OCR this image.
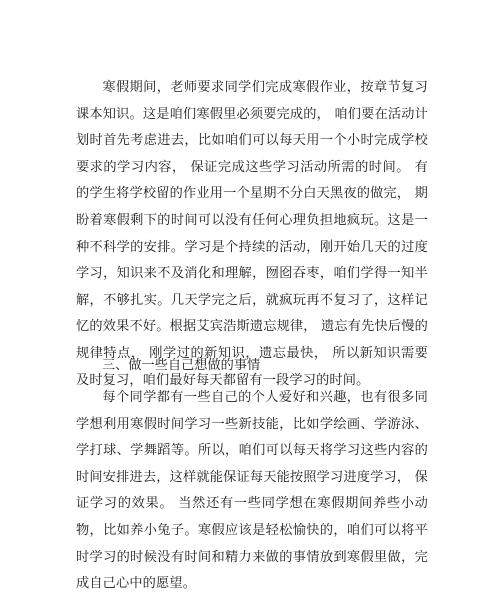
寒假期间，老师要求同学们完成寒假作业，按章节复习课本知识。这是咱们寒假里必须要完成的， 咱们要在活动计划时首先考虑进去，比如咱们可以每天用一个小时完成学校要求的学习内容， 保证完成这些学习活动所需的时间。 有的学生将学校留的作业用一个星期不分白天黑夜的做完， 期盼着寒假剩下的时间可以没有任何心理负担地疯玩。这是一种不科学的安排。学习是个持续的活动，刚开始几天的过度学习，知识来不及消化和理解，囫囵吞枣，咱们学得一知半解，不够扎实。几天学完之后，就疯玩再不复习了，这样记忆的效果不好。根据艾宾浩斯遗忘规律， 遗忘有先快后慢的规律特点， 刚学过的新知识，遗忘最快， 所以新知识需要及时复习，咱们最好每天都留有一段学习的时间。

三、做一些自己想做的事情

每个同学都有一些自己的个人爱好和兴趣，也有很多同学想利用寒假时间学习一些新技能，比如学绘画、学游泳、学打球、学舞蹈等。所以，咱们可以每天将学习这些内容的时间安排进去，这样就能保证每天能按照学习进度学习， 保证学习的效果。 当然还有一些同学想在寒假期间养些小动物，比如养小兔子。寒假应该是轻松愉快的，咱们可以将平时学习的时候没有时间和精力来做的事情放到寒假里做，完成自己心中的愿望。
